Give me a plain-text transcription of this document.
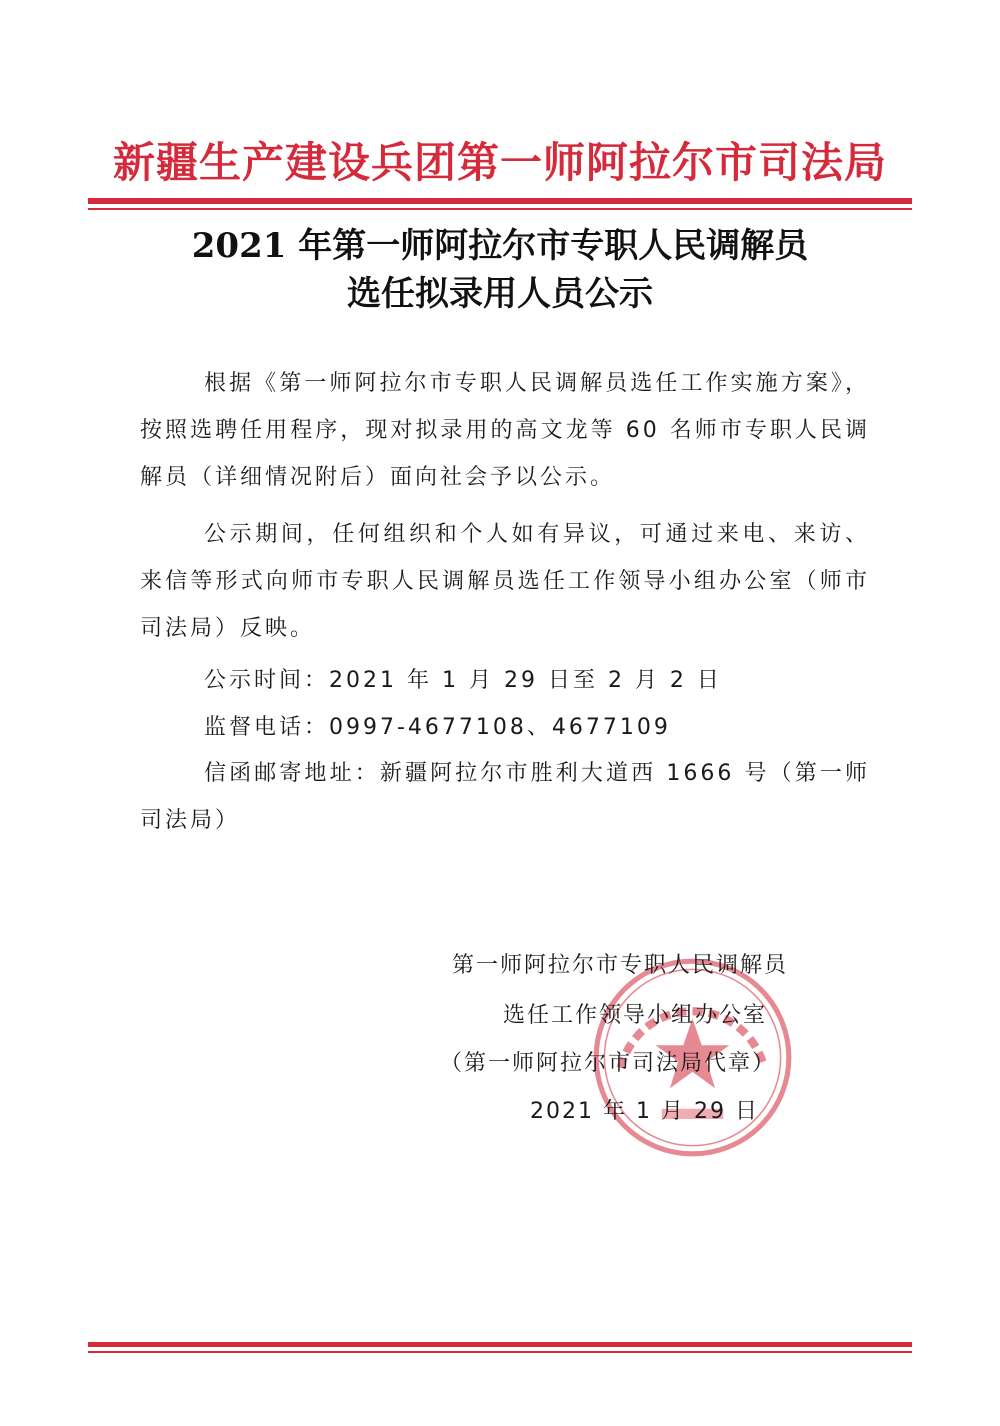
新疆生产建设兵团第一师阿拉尔市司法局
2021 年第一师阿拉尔市专职人民调解员
选任拟录用人员公示

根据《第一师阿拉尔市专职人民调解员选任工作实施方案》，按照选聘任用程序，现对拟录用的高文龙等 60 名师市专职人民调解员（详细情况附后）面向社会予以公示。

公示期间，任何组织和个人如有异议，可通过来电、来访、来信等形式向师市专职人民调解员选任工作领导小组办公室（师市司法局）反映。

公示时间：2021 年 1 月 29 日至 2 月 2 日

监督电话：0997-4677108、4677109

信函邮寄地址：新疆阿拉尔市胜利大道西 1666 号（第一师司法局）

第一师阿拉尔市专职人民调解员
选任工作领导小组办公室
（第一师阿拉尔市司法局代章）
2021 年 1 月 29 日
